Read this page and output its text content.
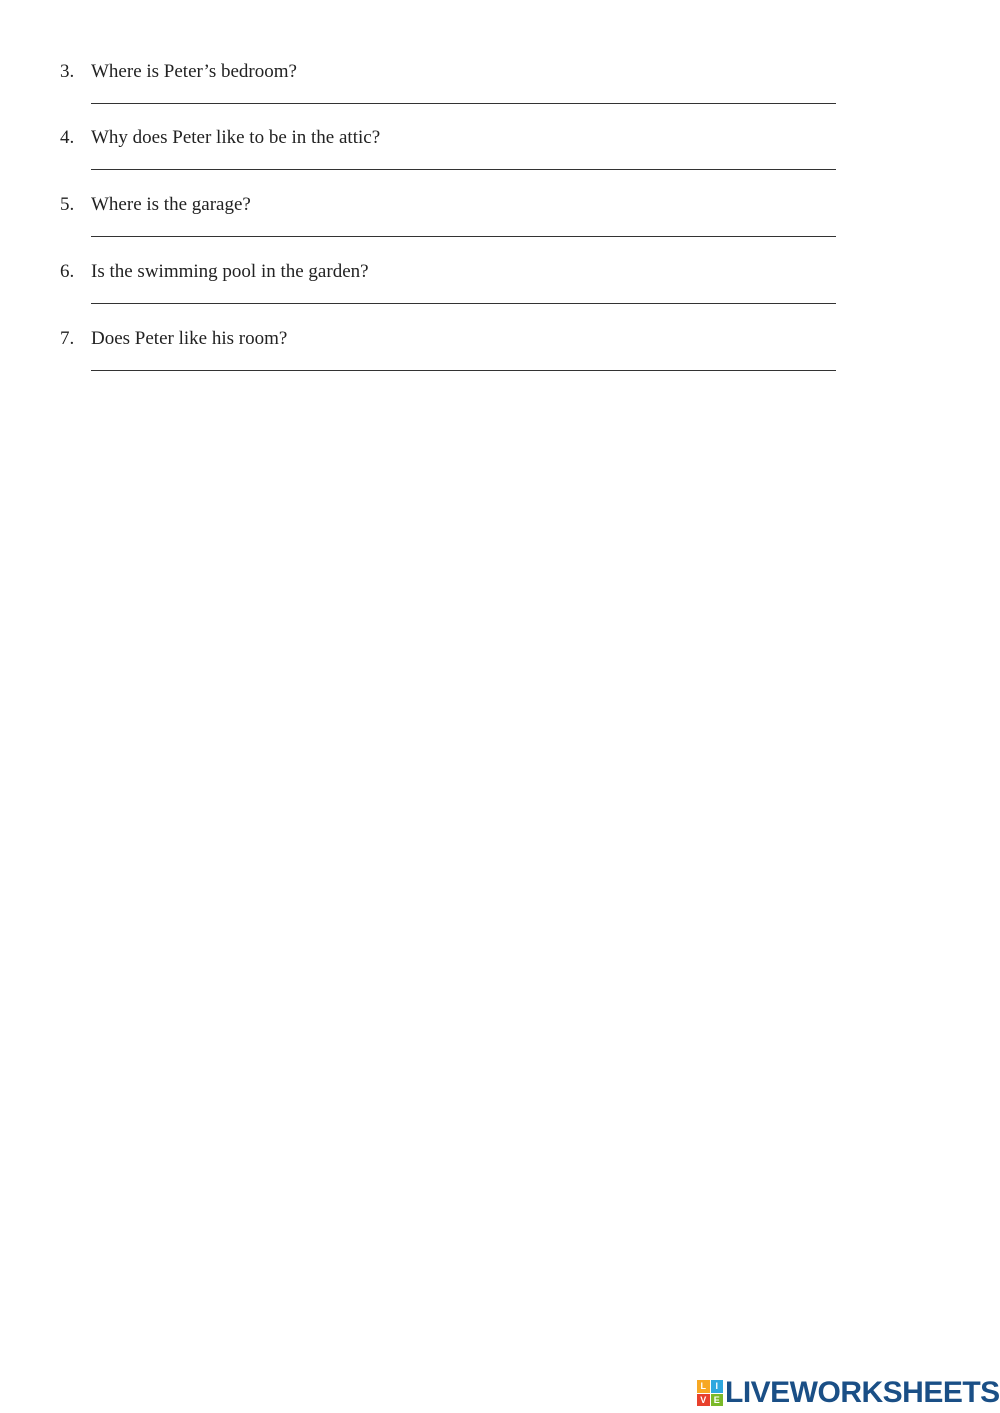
3. Where is Peter’s bedroom?
4. Why does Peter like to be in the attic?
5. Where is the garage?
6. Is the swimming pool in the garden?
7. Does Peter like his room?
L	I
V E LIVEWORKSHEETS
